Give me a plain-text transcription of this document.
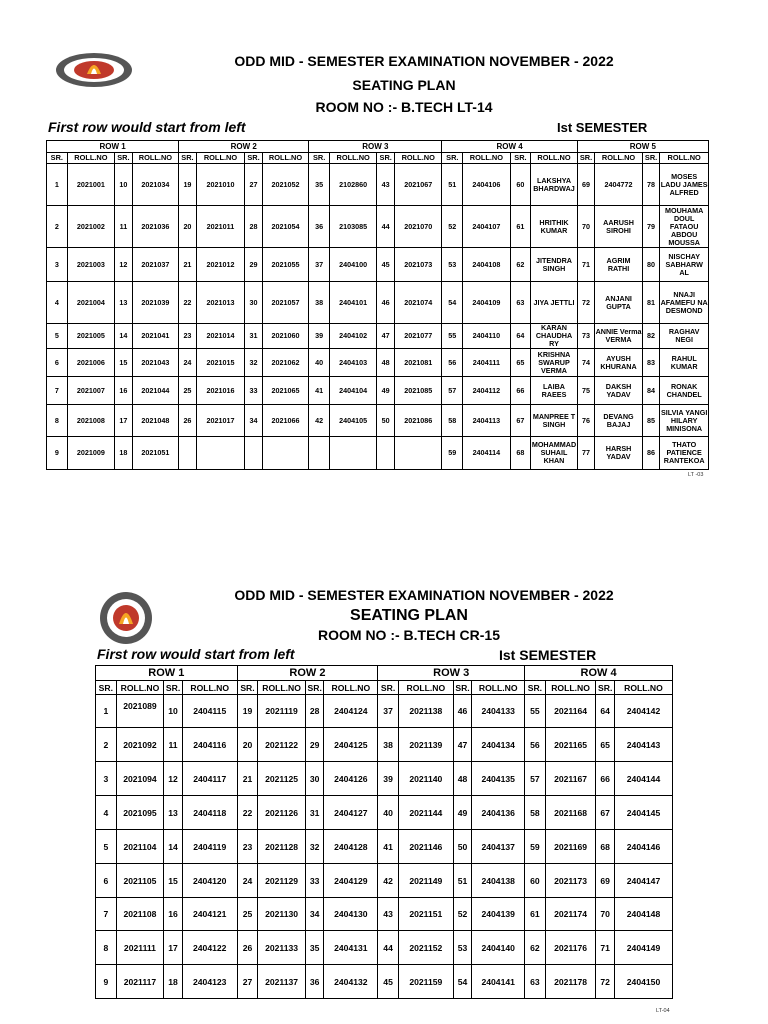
ODD MID - SEMESTER EXAMINATION NOVEMBER - 2022
SEATING PLAN
ROOM NO :- B.TECH LT-14
First row would start from left	Ist SEMESTER
ROW 1				ROW 2				ROW 3				ROW 4				ROW 5			
SR.	ROLL.NO	SR.	ROLL.NO	SR.	ROLL.NO	SR.	ROLL.NO	SR.	ROLL.NO	SR.	ROLL.NO	SR.	ROLL.NO	SR.	ROLL.NO	SR.	ROLL.NO	SR.	ROLL.NO
1	2021001	10	2021034	19	2021010	27	2021052	35	2102860	43	2021067	51	2404106	60	LAKSHYA BHARDWAJ	69	2404772	78	MOSES LADU JAMES ALFRED
2	2021002	11	2021036	20	2021011	28	2021054	36	2103085	44	2021070	52	2404107	61	HRITHIK KUMAR	70	AARUSH SIROHI	79	MOUHAMA DOUL FATAOU ABDOU MOUSSA
3	2021003	12	2021037	21	2021012	29	2021055	37	2404100	45	2021073	53	2404108	62	JITENDRA SINGH	71	AGRIM RATHI	80	NISCHAY SABHARW AL
4	2021004	13	2021039	22	2021013	30	2021057	38	2404101	46	2021074	54	2404109	63	JIYA JETTLI	72	ANJANI GUPTA	81	NNAJI AFAMEFU NA DESMOND
5	2021005	14	2021041	23	2021014	31	2021060	39	2404102	47	2021077	55	2404110	64	KARAN CHAUDHA RY	73	ANNIE Verma VERMA	82	RAGHAV NEGI
6	2021006	15	2021043	24	2021015	32	2021062	40	2404103	48	2021081	56	2404111	65	KRISHNA SWARUP VERMA	74	AYUSH KHURANA	83	RAHUL KUMAR
7	2021007	16	2021044	25	2021016	33	2021065	41	2404104	49	2021085	57	2404112	66	LAIBA RAEES	75	DAKSH YADAV	84	RONAK CHANDEL
8	2021008	17	2021048	26	2021017	34	2021066	42	2404105	50	2021086	58	2404113	67	MANPREE T SINGH	76	DEVANG BAJAJ	85	SILVIA YANGI HILARY MINISONA
9	2021009	18	2021051									59	2404114	68	MOHAMMAD SUHAIL KHAN	77	HARSH YADAV	86	THATO PATIENCE RANTEKOA
LT -03
ODD MID - SEMESTER EXAMINATION NOVEMBER - 2022
SEATING PLAN
ROOM NO :- B.TECH CR-15
First row would start from left	Ist SEMESTER
ROW 1				ROW 2				ROW 3				ROW 4			
SR.	ROLL.NO	SR.	ROLL.NO	SR.	ROLL.NO	SR.	ROLL.NO	SR.	ROLL.NO	SR.	ROLL.NO	SR.	ROLL.NO	SR.	ROLL.NO
1	2021089	10	2404115	19	2021119	28	2404124	37	2021138	46	2404133	55	2021164	64	2404142
2	2021092	11	2404116	20	2021122	29	2404125	38	2021139	47	2404134	56	2021165	65	2404143
3	2021094	12	2404117	21	2021125	30	2404126	39	2021140	48	2404135	57	2021167	66	2404144
4	2021095	13	2404118	22	2021126	31	2404127	40	2021144	49	2404136	58	2021168	67	2404145
5	2021104	14	2404119	23	2021128	32	2404128	41	2021146	50	2404137	59	2021169	68	2404146
6	2021105	15	2404120	24	2021129	33	2404129	42	2021149	51	2404138	60	2021173	69	2404147
7	2021108	16	2404121	25	2021130	34	2404130	43	2021151	52	2404139	61	2021174	70	2404148
8	2021111	17	2404122	26	2021133	35	2404131	44	2021152	53	2404140	62	2021176	71	2404149
9	2021117	18	2404123	27	2021137	36	2404132	45	2021159	54	2404141	63	2021178	72	2404150
LT-04
